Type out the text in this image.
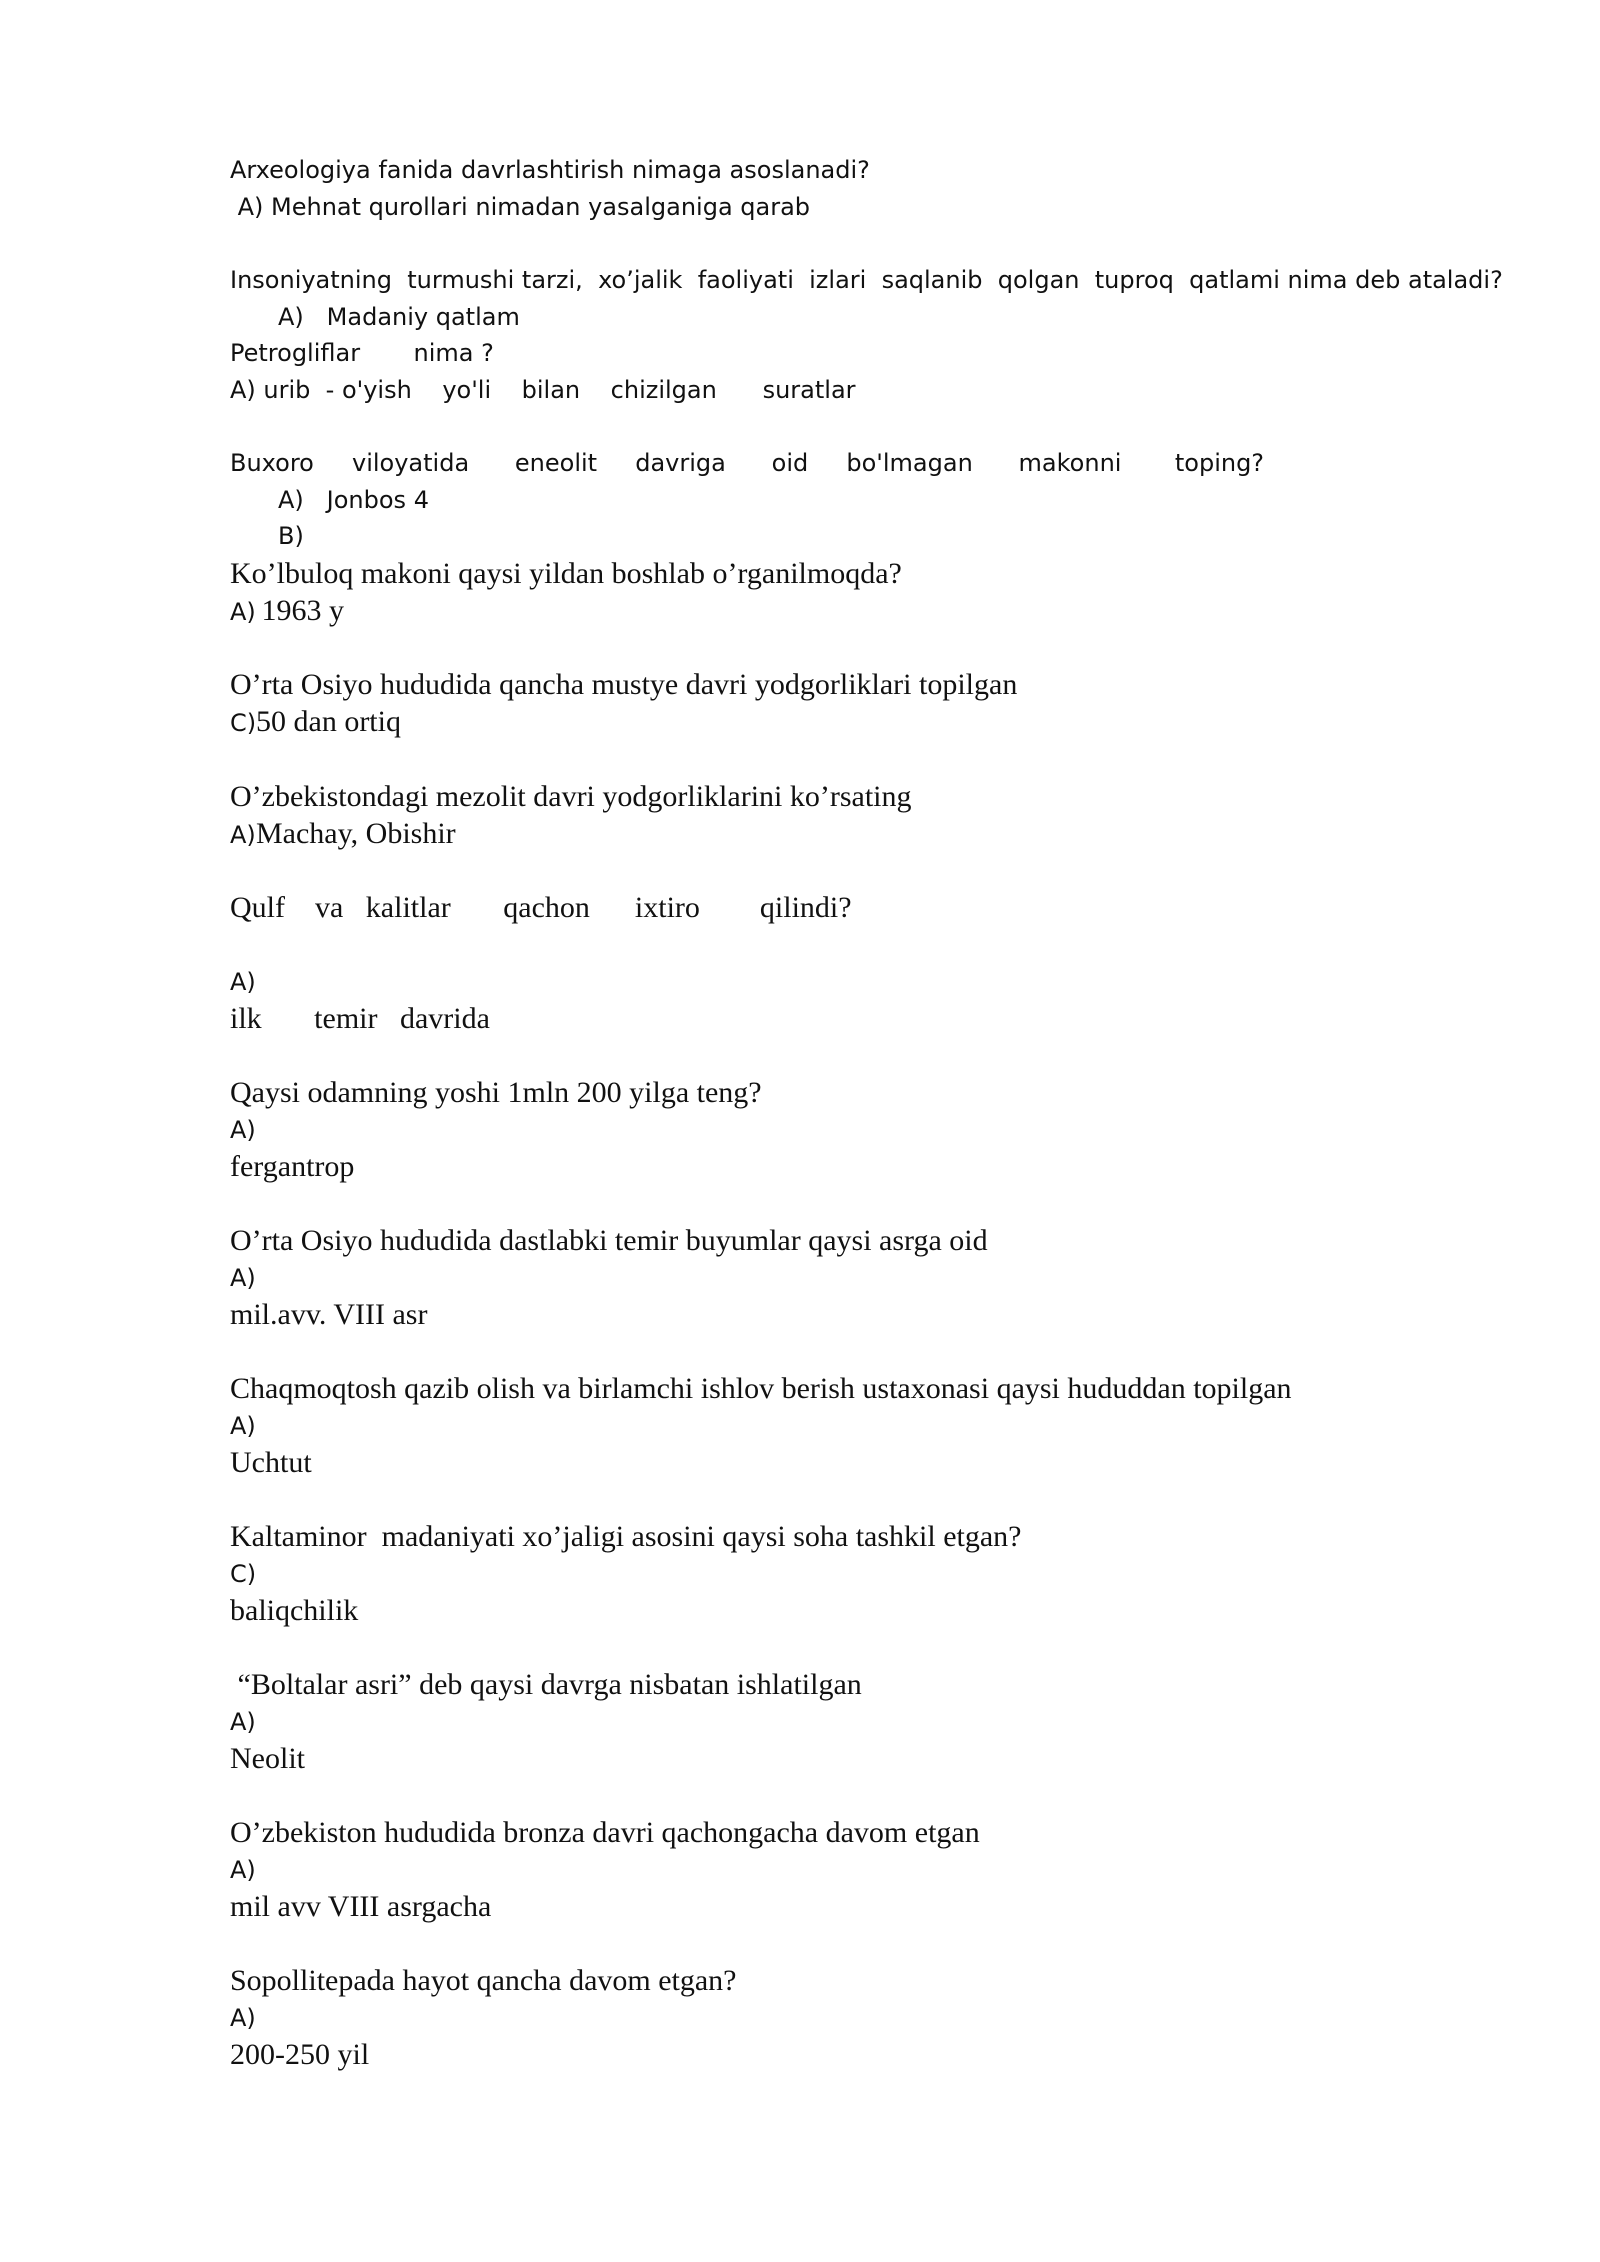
Arxeologiya fanida davrlashtirish nimaga asoslanadi?
A) Mehnat qurollari nimadan yasalganiga qarab
Insoniyatning  turmushi tarzi,  xo’jalik  faoliyati  izlari  saqlanib  qolgan  tuproq  qatlami nima deb ataladi?
A)   Madaniy qatlam
Petrogliflar       nima ?
A) urib  - o'yish    yo'li    bilan    chizilgan      suratlar
Buxoro     viloyatida      eneolit     davriga      oid     bo'lmagan      makonni       toping?
A)   Jonbos 4
B)
Ko’lbuloq makoni qaysi yildan boshlab o’rganilmoqda?
A)
1963 y
O’rta Osiyo hududida qancha mustye davri yodgorliklari topilgan
C) 50 dan ortiq
O’zbekistondagi mezolit davri yodgorliklarini ko’rsating
A) Machay, Obishir
Qulf    va   kalitlar       qachon      ixtiro        qilindi?
A)
ilk       temir   davrida
Qaysi odamning yoshi 1mln 200 yilga teng?
A)
fergantrop
O’rta Osiyo hududida dastlabki temir buyumlar qaysi asrga oid
A)
mil.avv. VIII asr
Chaqmoqtosh qazib olish va birlamchi ishlov berish ustaxonasi qaysi hududdan topilgan
A)
Uchtut
Kaltaminor  madaniyati xo’jaligi asosini qaysi soha tashkil etgan?
C)
baliqchilik
“Boltalar asri” deb qaysi davrga nisbatan ishlatilgan
A)
Neolit
O’zbekiston hududida bronza davri qachongacha davom etgan
A)
mil avv VIII asrgacha
Sopollitepada hayot qancha davom etgan?
A)
200-250 yil
